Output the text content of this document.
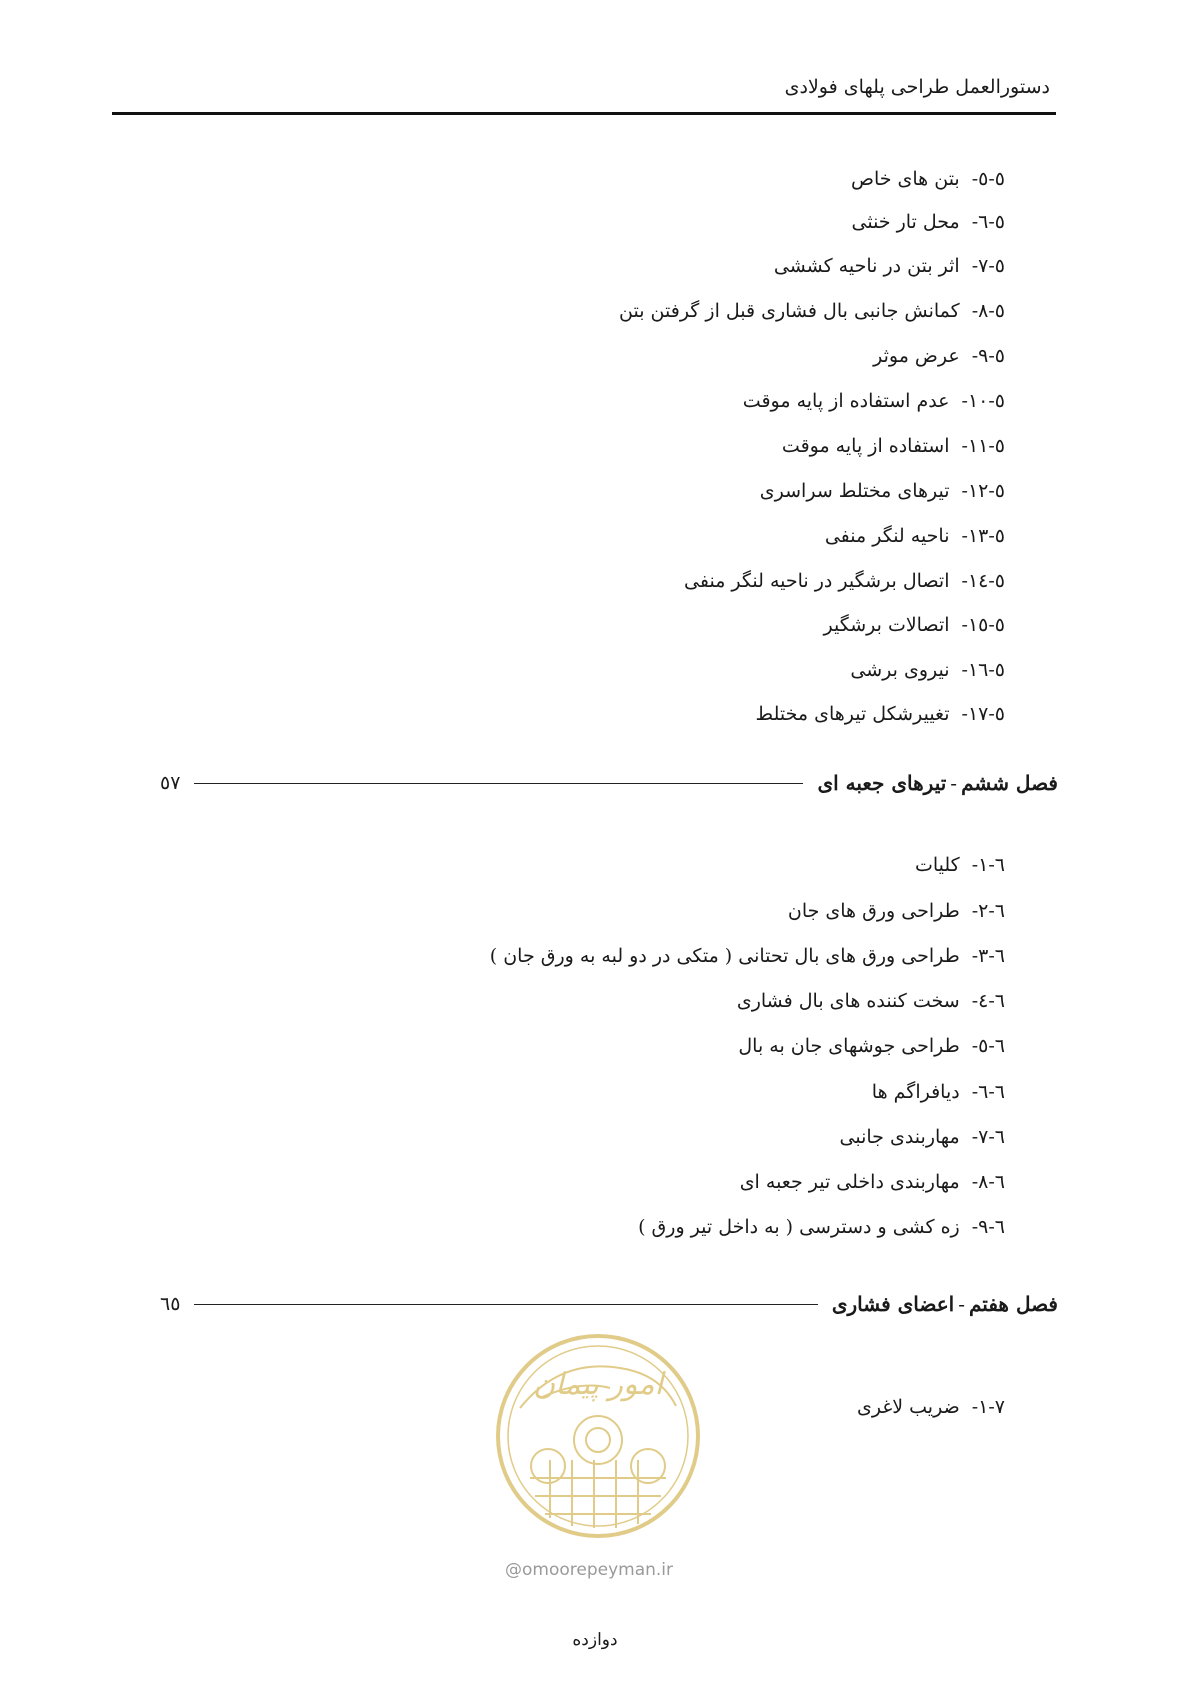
دستورالعمل طراحی پلهای فولادی
٥-٥-بتن های خاص
٥-٦-محل تار خنثی
٥-٧-اثر بتن در ناحیه کششی
٥-٨-کمانش جانبی بال فشاری قبل از گرفتن بتن
٥-٩-عرض موثر
٥-١٠-عدم استفاده از پایه موقت
٥-١١-استفاده از پایه موقت
٥-١٢-تیرهای مختلط سراسری
٥-١٣-ناحیه لنگر منفی
٥-١٤-اتصال برشگیر در ناحیه لنگر منفی
٥-١٥-اتصالات برشگیر
٥-١٦-نیروی برشی
٥-١٧-تغییرشکل تیرهای مختلط
فصل ششم
-
تیرهای جعبه ای
٥٧
٦-١-کلیات
٦-٢-طراحی ورق های جان
٦-٣-طراحی ورق های بال تحتانی ( متکی در دو لبه به ورق جان )
٦-٤-سخت کننده های بال فشاری
٦-٥-طراحی جوشهای جان به بال
٦-٦-دیافراگم ها
٦-٧-مهاربندی جانبی
٦-٨-مهاربندی داخلی تیر جعبه ای
٦-٩-زه کشی و دسترسی ( به داخل تیر ورق )
فصل هفتم
-
اعضای فشاری
٦٥
٧-١-ضریب لاغری
امور پیمان
@omoorepeyman.ir
دوازده
